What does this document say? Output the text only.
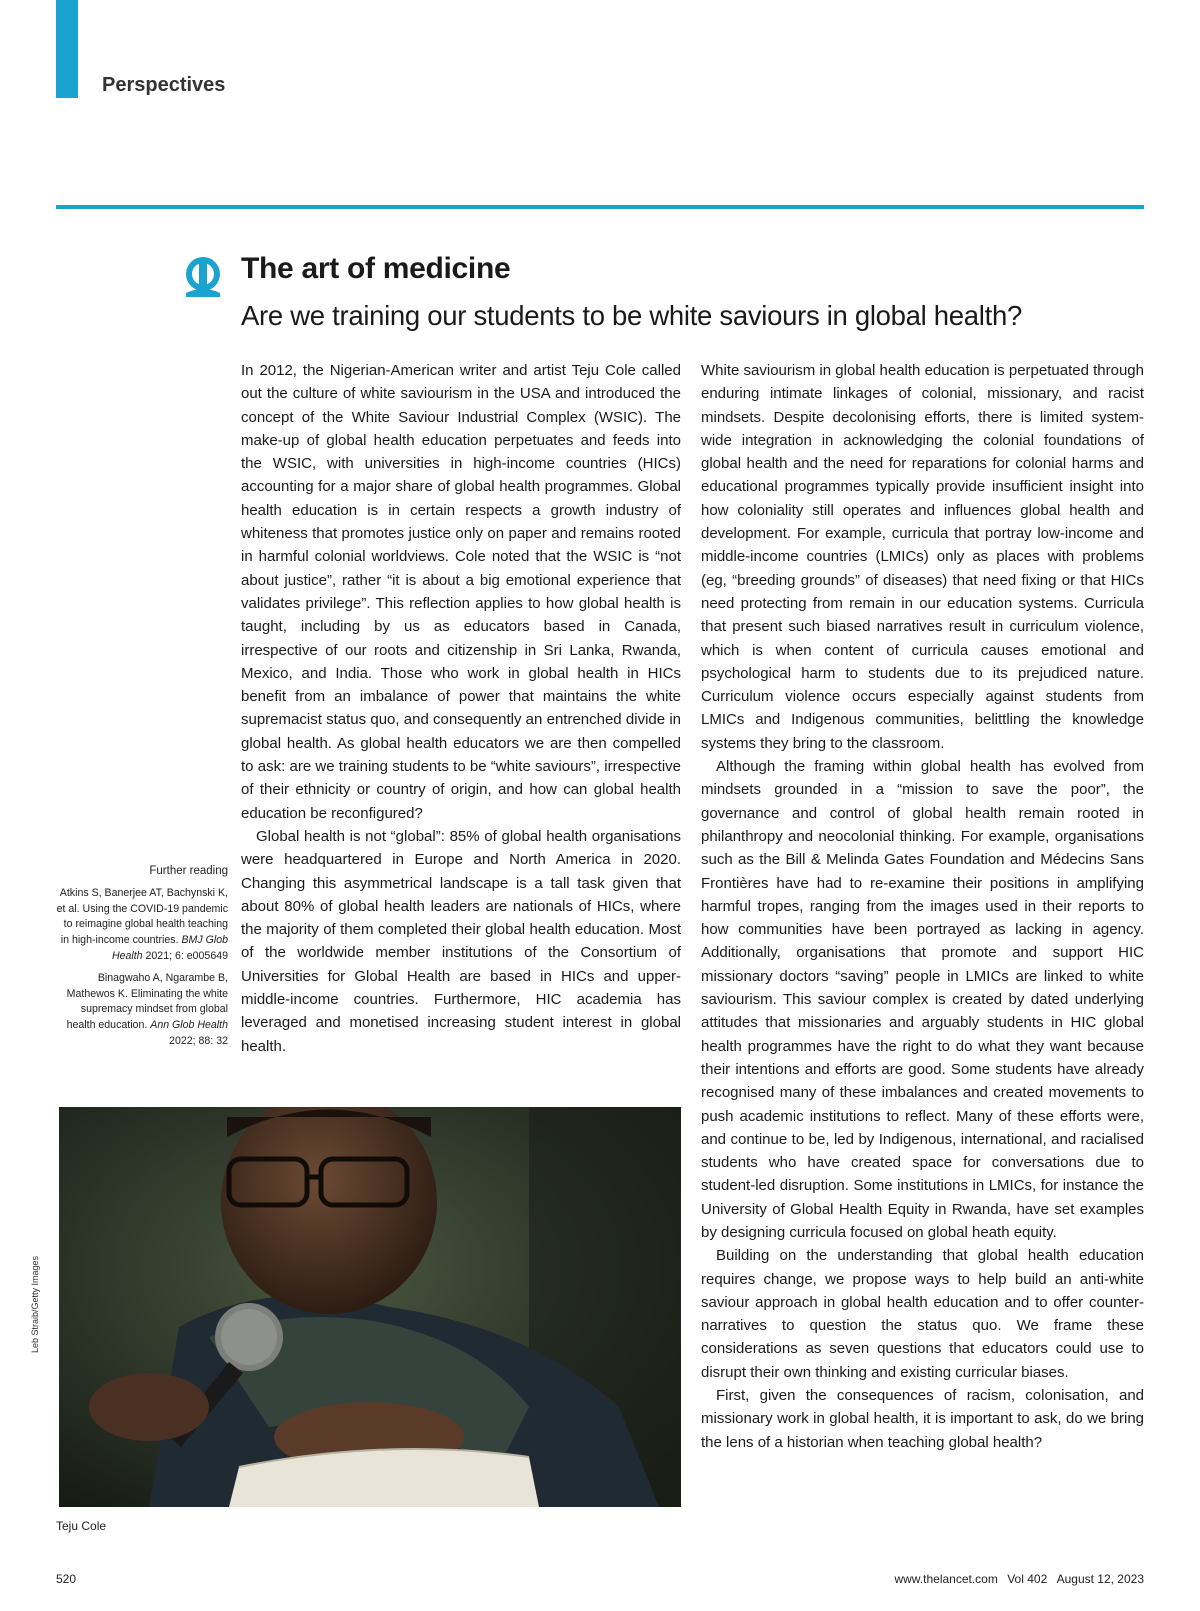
Perspectives
The art of medicine
Are we training our students to be white saviours in global health?

In 2012, the Nigerian-American writer and artist Teju Cole called out the culture of white saviourism in the USA and introduced the concept of the White Saviour Industrial Complex (WSIC). The make-up of global health education perpetuates and feeds into the WSIC, with universities in high-income countries (HICs) accounting for a major share of global health programmes. Global health education is in certain respects a growth industry of whiteness that promotes justice only on paper and remains rooted in harmful colonial worldviews. Cole noted that the WSIC is “not about justice”, rather “it is about a big emotional experience that validates privilege”. This reflection applies to how global health is taught, including by us as educators based in Canada, irrespective of our roots and citizenship in Sri Lanka, Rwanda, Mexico, and India. Those who work in global health in HICs benefit from an imbalance of power that maintains the white supremacist status quo, and consequently an entrenched divide in global health. As global health educators we are then compelled to ask: are we training students to be “white saviours”, irrespective of their ethnicity or country of origin, and how can global health education be reconfigured?

Global health is not “global”: 85% of global health organisations were headquartered in Europe and North America in 2020. Changing this asymmetrical landscape is a tall task given that about 80% of global health leaders are nationals of HICs, where the majority of them completed their global health education. Most of the worldwide member institutions of the Consortium of Universities for Global Health are based in HICs and upper-middle-income countries. Furthermore, HIC academia has leveraged and monetised increasing student interest in global health.

White saviourism in global health education is perpetuated through enduring intimate linkages of colonial, missionary, and racist mindsets. Despite decolonising efforts, there is limited system-wide integration in acknowledging the colonial foundations of global health and the need for reparations for colonial harms and educational programmes typically provide insufficient insight into how coloniality still operates and influences global health and development. For example, curricula that portray low-income and middle-income countries (LMICs) only as places with problems (eg, “breeding grounds” of diseases) that need fixing or that HICs need protecting from remain in our education systems. Curricula that present such biased narratives result in curriculum violence, which is when content of curricula causes emotional and psychological harm to students due to its prejudiced nature. Curriculum violence occurs especially against students from LMICs and Indigenous communities, belittling the knowledge systems they bring to the classroom.

Although the framing within global health has evolved from mindsets grounded in a “mission to save the poor”, the governance and control of global health remain rooted in philanthropy and neocolonial thinking. For example, organisations such as the Bill & Melinda Gates Foundation and Médecins Sans Frontières have had to re-examine their positions in amplifying harmful tropes, ranging from the images used in their reports to how communities have been portrayed as lacking in agency. Additionally, organisations that promote and support HIC missionary doctors “saving” people in LMICs are linked to white saviourism. This saviour complex is created by dated underlying attitudes that missionaries and arguably students in HIC global health programmes have the right to do what they want because their intentions and efforts are good. Some students have already recognised many of these imbalances and created movements to push academic institutions to reflect. Many of these efforts were, and continue to be, led by Indigenous, international, and racialised students who have created space for conversations due to student-led disruption. Some institutions in LMICs, for instance the University of Global Health Equity in Rwanda, have set examples by designing curricula focused on global heath equity.

Building on the understanding that global health education requires change, we propose ways to help build an anti-white saviour approach in global health education and to offer counter-narratives to question the status quo. We frame these considerations as seven questions that educators could use to disrupt their own thinking and existing curricular biases.

First, given the consequences of racism, colonisation, and missionary work in global health, it is important to ask, do we bring the lens of a historian when teaching global health?

Further reading
Atkins S, Banerjee AT, Bachynski K, et al. Using the COVID-19 pandemic to reimagine global health teaching in high-income countries. BMJ Glob Health 2021; 6: e005649
Binagwaho A, Ngarambe B, Mathewos K. Eliminating the white supremacy mindset from global health education. Ann Glob Health 2022; 88: 32
Leb Straib/Getty Images
Teju Cole
520	www.thelancet.com Vol 402 August 12, 2023
